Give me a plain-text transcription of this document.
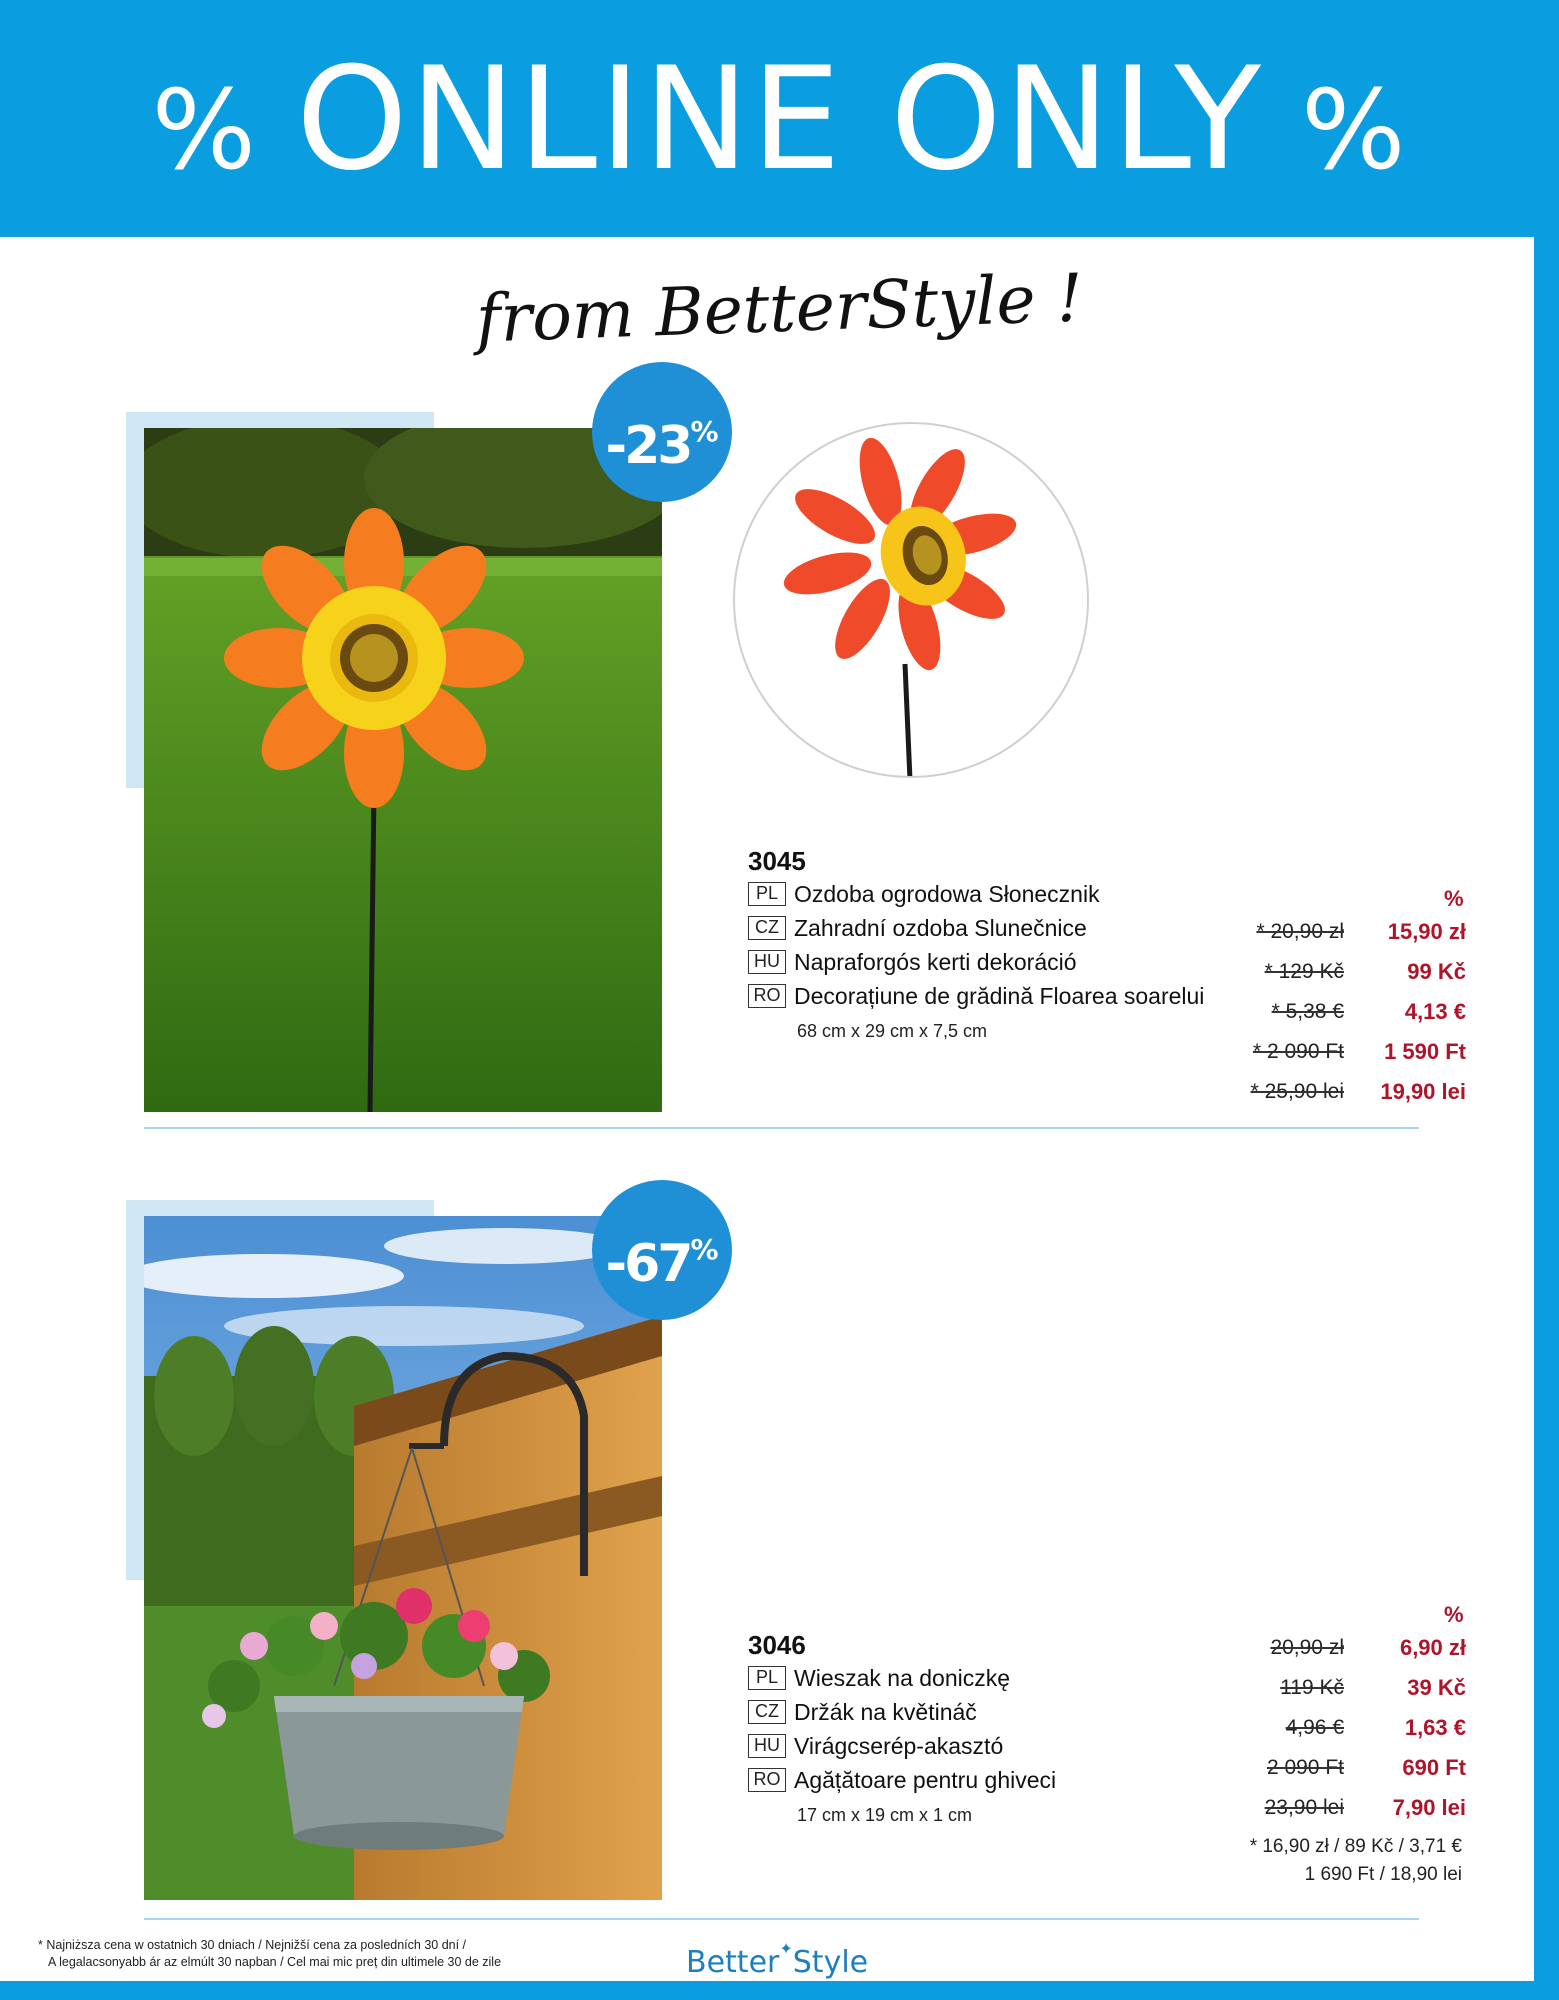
% ONLINE ONLY %
from BetterStyle !
-23%
3045
PL Ozdoba ogrodowa Słonecznik
CZ Zahradní ozdoba Slunečnice
HU Napraforgós kerti dekoráció
RO Decorațiune de grădină Floarea soarelui
68 cm x 29 cm x 7,5 cm
%
* 20,90 zł	15,90 zł
* 129 Kč	99 Kč
* 5,38 €	4,13 €
* 2 090 Ft	1 590 Ft
* 25,90 lei	19,90 lei
-67%
3046
PL Wieszak na doniczkę
CZ Držák na květináč
HU Virágcserép-akasztó
RO Agățătoare pentru ghiveci
17 cm x 19 cm x 1 cm
%
20,90 zł	6,90 zł
119 Kč	39 Kč
4,96 €	1,63 €
2 090 Ft	690 Ft
23,90 lei	7,90 lei
* 16,90 zł / 89 Kč / 3,71 €
1 690 Ft / 18,90 lei
* Najniższa cena w ostatnich 30 dniach / Nejnižší cena za posledních 30 dní /
A legalacsonyabb ár az elmúlt 30 napban / Cel mai mic preț din ultimele 30 de zile	Better✦Style
